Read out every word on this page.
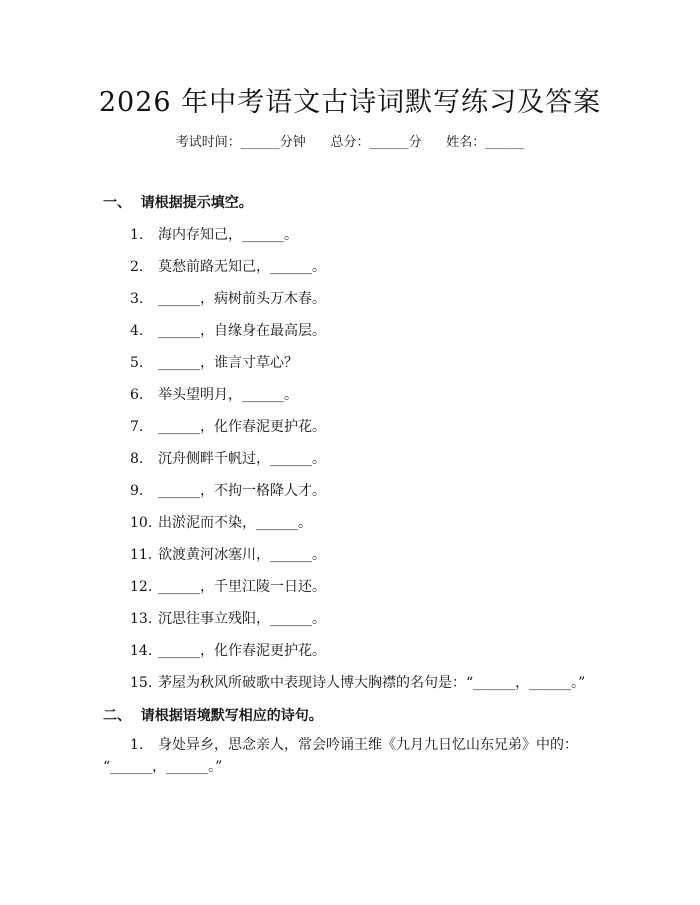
2026 年中考语文古诗词默写练习及答案
考试时间：______分钟      总分：______分      姓名：______
一、  请根据提示填空。
1. 海内存知己，______。
2. 莫愁前路无知己，______。
3. ______，病树前头万木春。
4. ______，自缘身在最高层。
5. ______，谁言寸草心？
6. 举头望明月，______。
7. ______，化作春泥更护花。
8. 沉舟侧畔千帆过，______。
9. ______，不拘一格降人才。
10. 出淤泥而不染，______。
11. 欲渡黄河冰塞川，______。
12. ______，千里江陵一日还。
13. 沉思往事立残阳，______。
14. ______，化作春泥更护花。
15. 茅屋为秋风所破歌中表现诗人博大胸襟的名句是：“______，______。”
二、  请根据语境默写相应的诗句。
1. 身处异乡，思念亲人，常会吟诵王维《九月九日忆山东兄弟》中的：
“______，______。”
